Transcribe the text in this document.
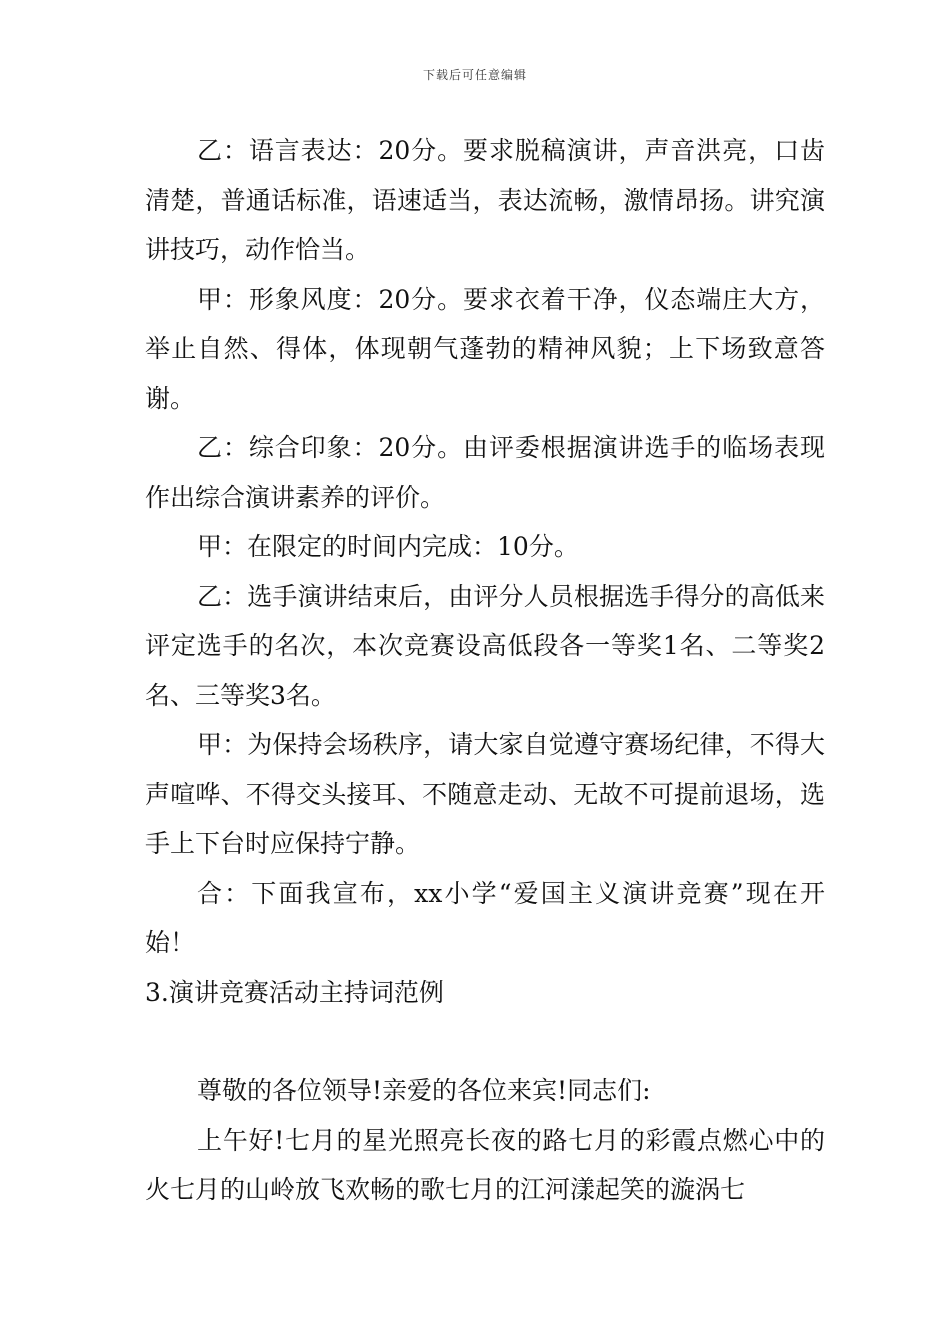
下载后可任意编辑

乙：语言表达：20分。要求脱稿演讲，声音洪亮，口齿清楚，普通话标准，语速适当，表达流畅，激情昂扬。讲究演讲技巧，动作恰当。

甲：形象风度：20分。要求衣着干净，仪态端庄大方，举止自然、得体，体现朝气蓬勃的精神风貌；上下场致意答谢。

乙：综合印象：20分。由评委根据演讲选手的临场表现作出综合演讲素养的评价。

甲：在限定的时间内完成：10分。

乙：选手演讲结束后，由评分人员根据选手得分的高低来评定选手的名次，本次竞赛设高低段各一等奖1名、二等奖2名、三等奖3名。

甲：为保持会场秩序，请大家自觉遵守赛场纪律，不得大声喧哗、不得交头接耳、不随意走动、无故不可提前退场，选手上下台时应保持宁静。

合：下面我宣布，xx小学“爱国主义演讲竞赛”现在开始！

3.演讲竞赛活动主持词范例

尊敬的各位领导!亲爱的各位来宾!同志们:

上午好!七月的星光照亮长夜的路七月的彩霞点燃心中的火七月的山岭放飞欢畅的歌七月的江河漾起笑的漩涡七
